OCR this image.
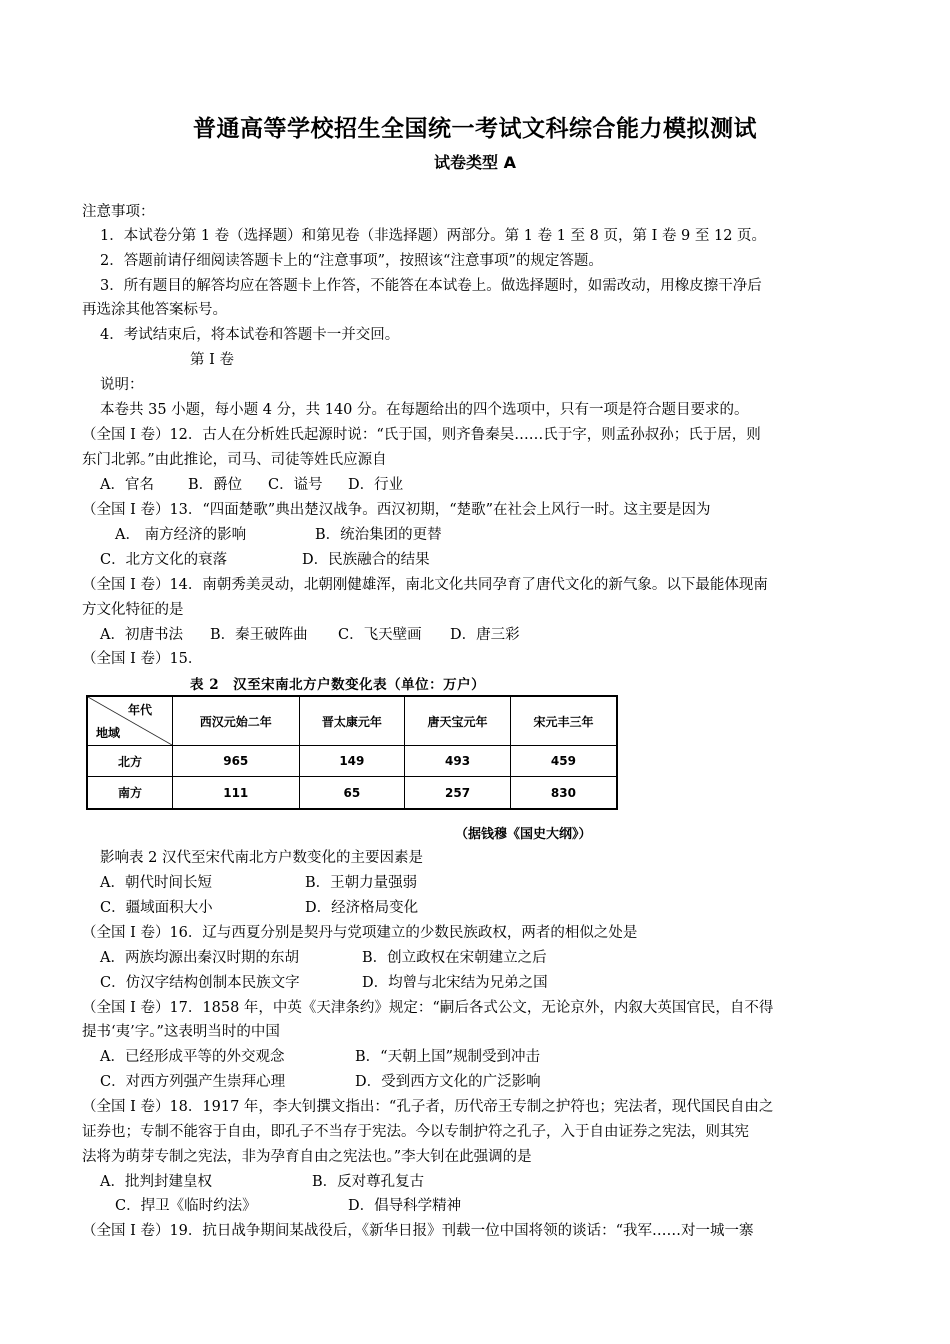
普通高等学校招生全国统一考试文科综合能力模拟测试
试卷类型 A
注意事项：
1．本试卷分第 1 卷（选择题）和第见卷（非选择题）两部分。第 1 卷 1 至 8 页，第 I 卷 9 至 12 页。
2．答题前请仔细阅读答题卡上的“注意事项”，按照该“注意事项”的规定答题。
3．所有题目的解答均应在答题卡上作答，不能答在本试卷上。做选择题时，如需改动，用橡皮擦干净后
再选涂其他答案标号。
4．考试结束后，将本试卷和答题卡一并交回。
第 I 卷
说明：
本卷共 35 小题，每小题 4 分，共 140 分。在每题给出的四个选项中，只有一项是符合题目要求的。
（全国 I 卷）12．古人在分析姓氏起源时说：“氏于国，则齐鲁秦吴……氏于字，则孟孙叔孙；氏于居，则
东门北郭。”由此推论，司马、司徒等姓氏应源自
A．官名 B．爵位 C．谥号 D．行业
（全国 I 卷）13．“四面楚歌”典出楚汉战争。西汉初期，“楚歌”在社会上风行一时。这主要是因为
A． 南方经济的影响	B．统治集团的更替
C．北方文化的衰落	D．民族融合的结果
（全国 I 卷）14．南朝秀美灵动，北朝刚健雄浑，南北文化共同孕育了唐代文化的新气象。以下最能体现南
方文化特征的是
A．初唐书法 B．秦王破阵曲 C．飞天壁画 D．唐三彩
（全国 I 卷）15．
表 2　汉至宋南北方户数变化表（单位：万户）
年代
地域	西汉元始二年	晋太康元年	唐天宝元年	宋元丰三年
北方	965	149	493	459
南方	111	65	257	830
（据钱穆《国史大纲》）
影响表 2 汉代至宋代南北方户数变化的主要因素是
A．朝代时间长短	B．王朝力量强弱
C．疆域面积大小	D．经济格局变化
（全国 I 卷）16．辽与西夏分别是契丹与党项建立的少数民族政权，两者的相似之处是
A．两族均源出秦汉时期的东胡	B．创立政权在宋朝建立之后
C．仿汉字结构创制本民族文字	D．均曾与北宋结为兄弟之国
（全国 I 卷）17．1858 年，中英《天津条约》规定：“嗣后各式公文，无论京外，内叙大英国官民，自不得
提书‘夷’字。”这表明当时的中国
A．已经形成平等的外交观念	B．“天朝上国”规制受到冲击
C．对西方列强产生崇拜心理	D．受到西方文化的广泛影响
（全国 I 卷）18．1917 年，李大钊撰文指出：“孔子者，历代帝王专制之护符也；宪法者，现代国民自由之
证券也；专制不能容于自由，即孔子不当存于宪法。今以专制护符之孔子，入于自由证券之宪法，则其宪
法将为萌芽专制之宪法，非为孕育自由之宪法也。”李大钊在此强调的是
A．批判封建皇权	B．反对尊孔复古
C．捍卫《临时约法》	D．倡导科学精神
（全国 I 卷）19．抗日战争期间某战役后，《新华日报》刊载一位中国将领的谈话：“我军……对一城一寨
